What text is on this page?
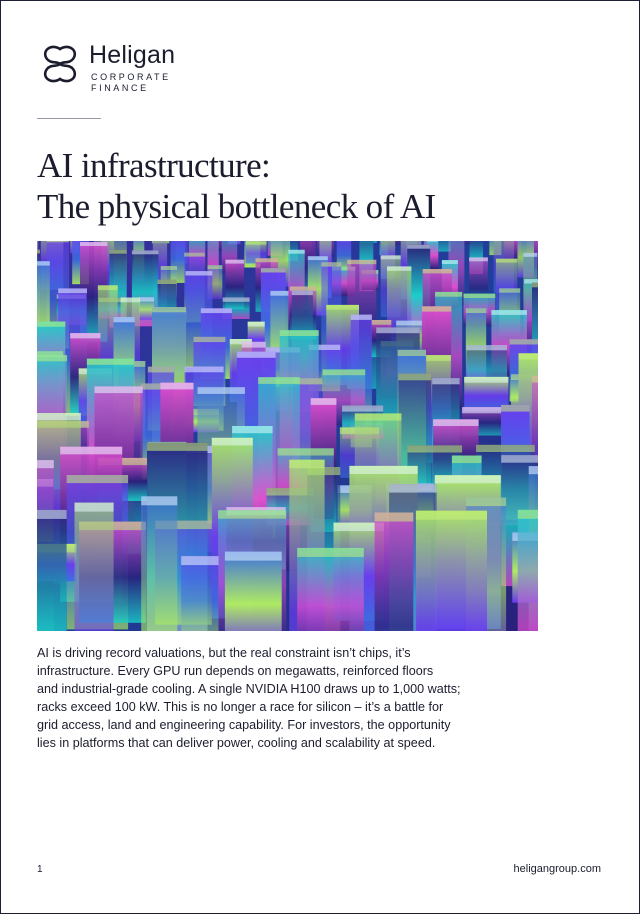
Heligan
CORPORATE
FINANCE
AI infrastructure:
The physical bottleneck of AI
AI is driving record valuations, but the real constraint isn’t chips, it’s
infrastructure. Every GPU run depends on megawatts, reinforced floors
and industrial-grade cooling. A single NVIDIA H100 draws up to 1,000 watts;
racks exceed 100 kW. This is no longer a race for silicon – it’s a battle for
grid access, land and engineering capability. For investors, the opportunity
lies in platforms that can deliver power, cooling and scalability at speed.
1	heligangroup.com
